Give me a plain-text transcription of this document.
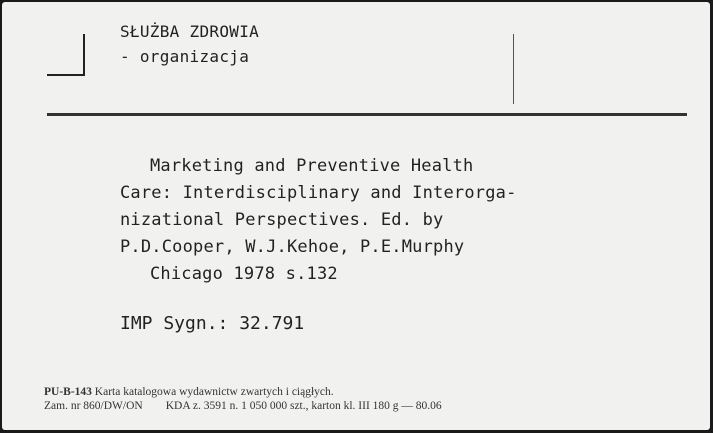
SŁUŻBA ZDROWIA
- organizacja
Marketing and Preventive Health
Care: Interdisciplinary and Interorga-
nizational Perspectives. Ed. by
P.D.Cooper, W.J.Kehoe, P.E.Murphy
Chicago 1978 s.132
IMP Sygn.: 32.791
PU-B-143 Karta katalogowa wydawnictw zwartych i ciągłych.
Zam. nr 860/DW/ON KDA z. 3591 n. 1 050 000 szt., karton kl. III 180 g — 80.06
